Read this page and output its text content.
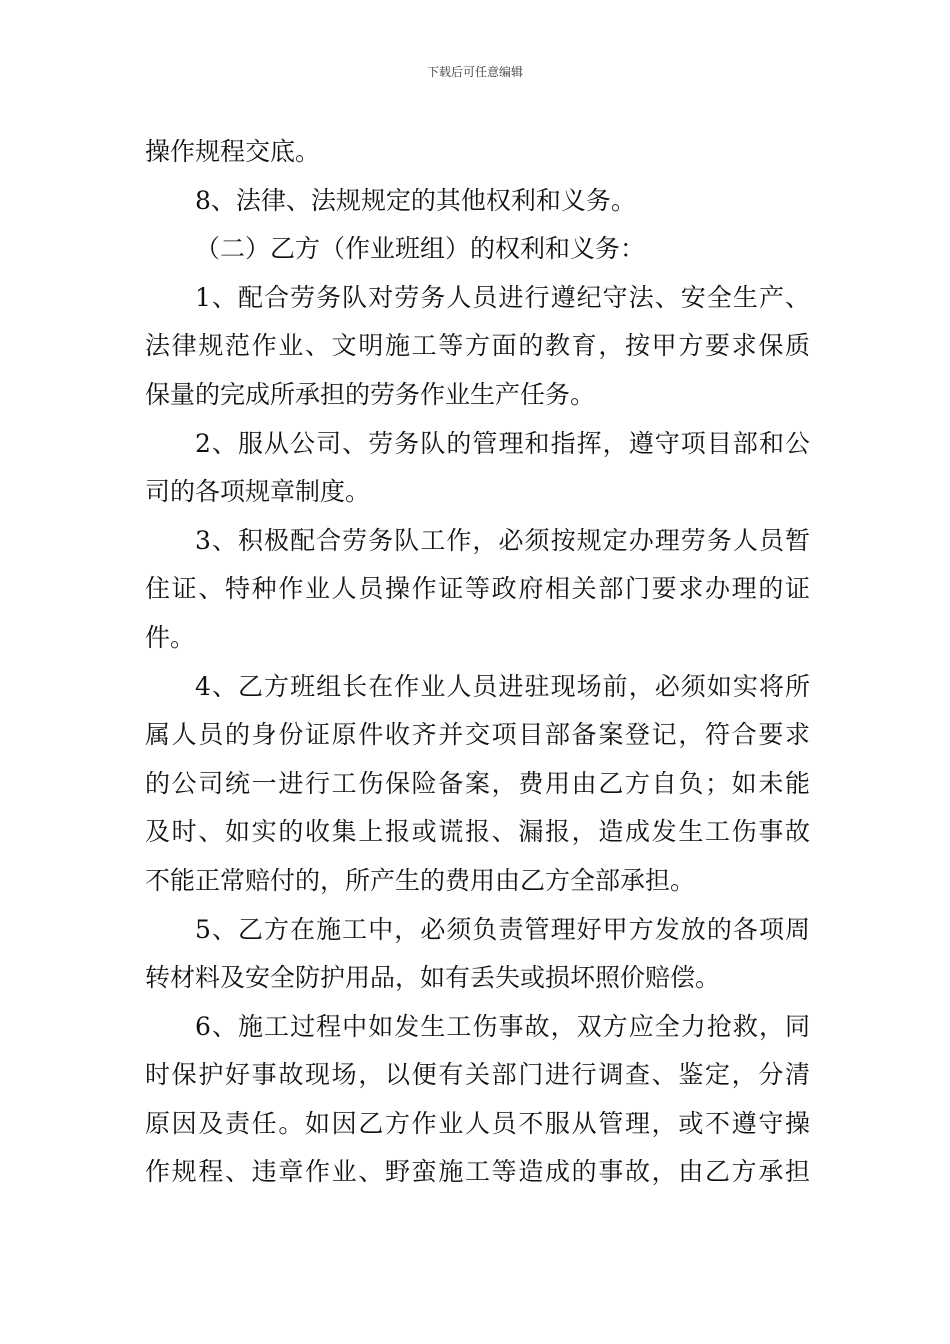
下载后可任意编辑
操作规程交底。
8、法律、法规规定的其他权利和义务。
（二）乙方（作业班组）的权利和义务：
1、配合劳务队对劳务人员进行遵纪守法、安全生产、
法律规范作业、文明施工等方面的教育，按甲方要求保质
保量的完成所承担的劳务作业生产任务。
2、服从公司、劳务队的管理和指挥，遵守项目部和公
司的各项规章制度。
3、积极配合劳务队工作，必须按规定办理劳务人员暂
住证、特种作业人员操作证等政府相关部门要求办理的证
件。
4、乙方班组长在作业人员进驻现场前，必须如实将所
属人员的身份证原件收齐并交项目部备案登记，符合要求
的公司统一进行工伤保险备案，费用由乙方自负；如未能
及时、如实的收集上报或谎报、漏报，造成发生工伤事故
不能正常赔付的，所产生的费用由乙方全部承担。
5、乙方在施工中，必须负责管理好甲方发放的各项周
转材料及安全防护用品，如有丢失或损坏照价赔偿。
6、施工过程中如发生工伤事故，双方应全力抢救，同
时保护好事故现场，以便有关部门进行调查、鉴定，分清
原因及责任。如因乙方作业人员不服从管理，或不遵守操
作规程、违章作业、野蛮施工等造成的事故，由乙方承担
